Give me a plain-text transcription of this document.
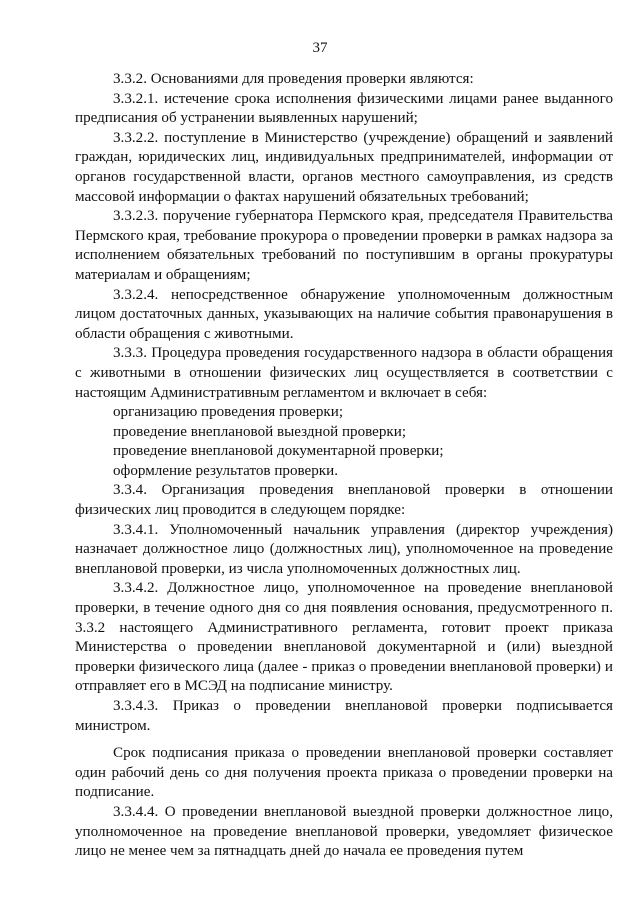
37

3.3.2. Основаниями для проведения проверки являются:

3.3.2.1. истечение срока исполнения физическими лицами ранее выданного предписания об устранении выявленных нарушений;

3.3.2.2. поступление в Министерство (учреждение) обращений и заявлений граждан, юридических лиц, индивидуальных предпринимателей, информации от органов государственной власти, органов местного самоуправления, из средств массовой информации о фактах нарушений обязательных требований;

3.3.2.3. поручение губернатора Пермского края, председателя Правительства Пермского края, требование прокурора о проведении проверки в рамках надзора за исполнением обязательных требований по поступившим в органы прокуратуры материалам и обращениям;

3.3.2.4. непосредственное обнаружение уполномоченным должностным лицом достаточных данных, указывающих на наличие события правонарушения в области обращения с животными.

3.3.3. Процедура проведения государственного надзора в области обращения с животными в отношении физических лиц осуществляется в соответствии с настоящим Административным регламентом и включает в себя:

организацию проведения проверки;

проведение внеплановой выездной проверки;

проведение внеплановой документарной проверки;

оформление результатов проверки.

3.3.4. Организация проведения внеплановой проверки в отношении физических лиц проводится в следующем порядке:

3.3.4.1. Уполномоченный начальник управления (директор учреждения) назначает должностное лицо (должностных лиц), уполномоченное на проведение внеплановой проверки, из числа уполномоченных должностных лиц.

3.3.4.2. Должностное лицо, уполномоченное на проведение внеплановой проверки, в течение одного дня со дня появления основания, предусмотренного п. 3.3.2 настоящего Административного регламента, готовит проект приказа Министерства о проведении внеплановой документарной и (или) выездной проверки физического лица (далее - приказ о проведении внеплановой проверки) и отправляет его в МСЭД на подписание министру.

3.3.4.3. Приказ о проведении внеплановой проверки подписывается министром.

Срок подписания приказа о проведении внеплановой проверки составляет один рабочий день со дня получения проекта приказа о проведении проверки на подписание.

3.3.4.4. О проведении внеплановой выездной проверки должностное лицо, уполномоченное на проведение внеплановой проверки, уведомляет физическое лицо не менее чем за пятнадцать дней до начала ее проведения путем
